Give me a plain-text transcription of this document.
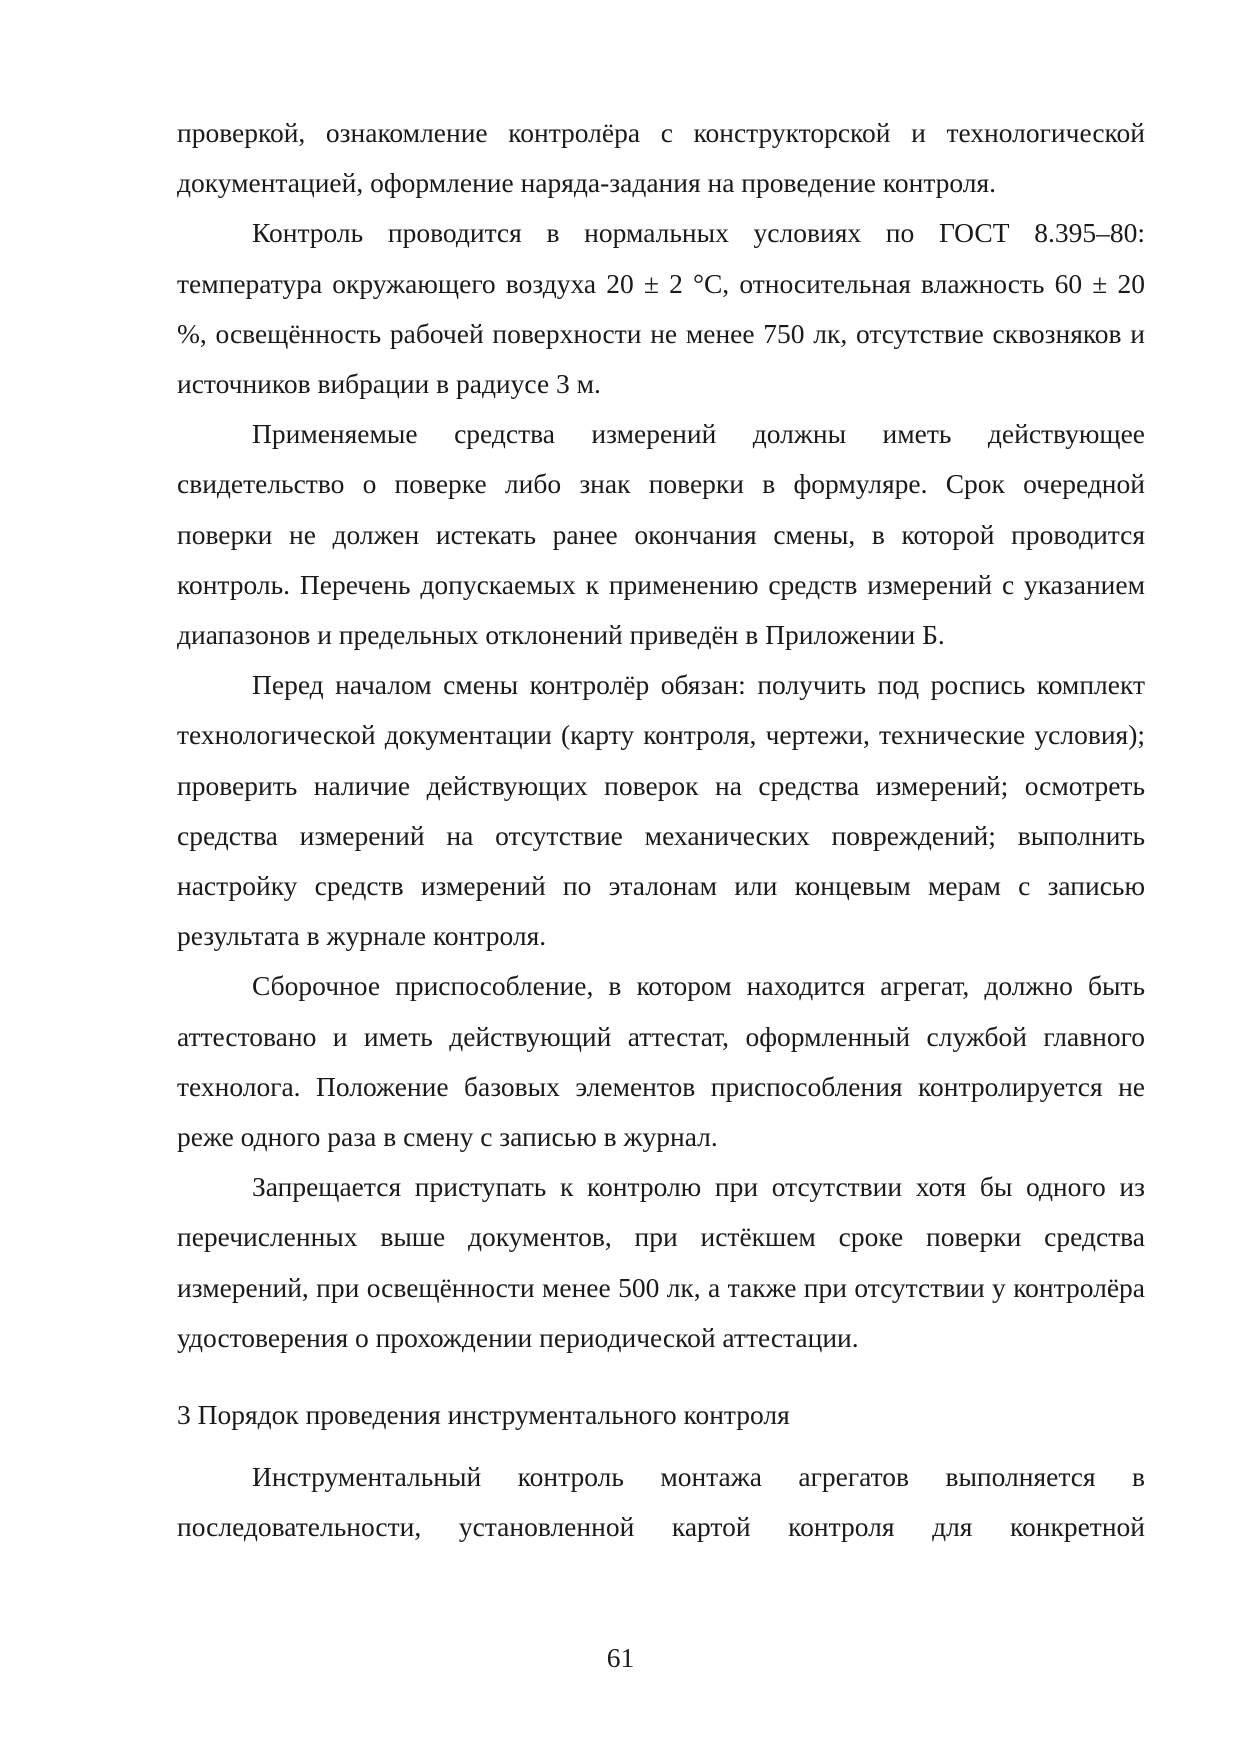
проверкой, ознакомление контролёра с конструкторской и технологической документацией, оформление наряда-задания на проведение контроля.

Контроль проводится в нормальных условиях по ГОСТ 8.395–80: температура окружающего воздуха 20 ± 2 °С, относительная влажность 60 ± 20 %, освещённость рабочей поверхности не менее 750 лк, отсутствие сквозняков и источников вибрации в радиусе 3 м.

Применяемые средства измерений должны иметь действующее свидетельство о поверке либо знак поверки в формуляре. Срок очередной поверки не должен истекать ранее окончания смены, в которой проводится контроль. Перечень допускаемых к применению средств измерений с указанием диапазонов и предельных отклонений приведён в Приложении Б.

Перед началом смены контролёр обязан: получить под роспись комплект технологической документации (карту контроля, чертежи, технические условия); проверить наличие действующих поверок на средства измерений; осмотреть средства измерений на отсутствие механических повреждений; выполнить настройку средств измерений по эталонам или концевым мерам с записью результата в журнале контроля.

Сборочное приспособление, в котором находится агрегат, должно быть аттестовано и иметь действующий аттестат, оформленный службой главного технолога. Положение базовых элементов приспособления контролируется не реже одного раза в смену с записью в журнал.

Запрещается приступать к контролю при отсутствии хотя бы одного из перечисленных выше документов, при истёкшем сроке поверки средства измерений, при освещённости менее 500 лк, а также при отсутствии у контролёра удостоверения о прохождении периодической аттестации.

3 Порядок проведения инструментального контроля

Инструментальный контроль монтажа агрегатов выполняется в последовательности, установленной картой контроля для конкретной

61
